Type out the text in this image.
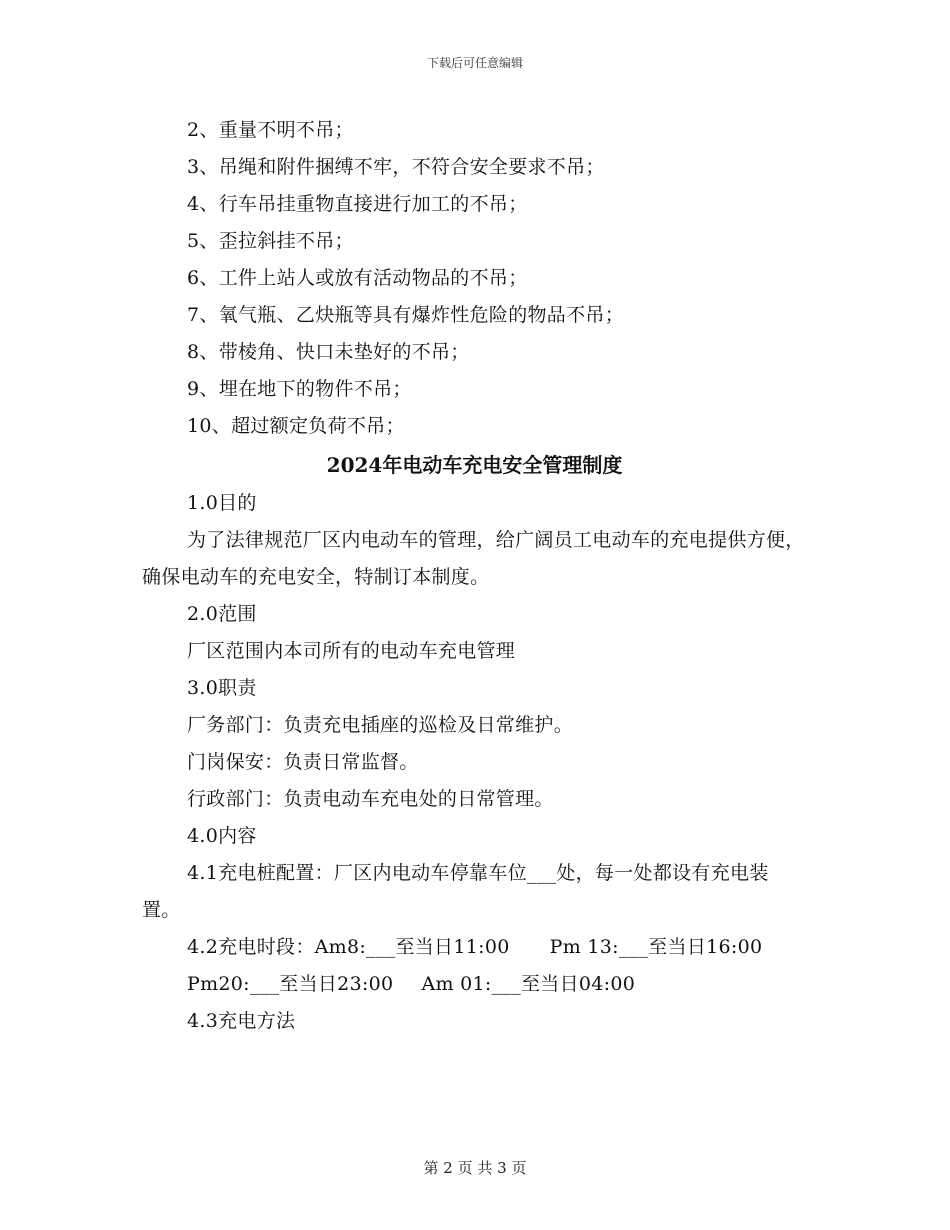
下载后可任意编辑
2、重量不明不吊；
3、吊绳和附件捆缚不牢，不符合安全要求不吊；
4、行车吊挂重物直接进行加工的不吊；
5、歪拉斜挂不吊；
6、工件上站人或放有活动物品的不吊；
7、氧气瓶、乙炔瓶等具有爆炸性危险的物品不吊；
8、带棱角、快口未垫好的不吊；
9、埋在地下的物件不吊；
10、超过额定负荷不吊；
2024年电动车充电安全管理制度
1.0目的
为了法律规范厂区内电动车的管理，给广阔员工电动车的充电提供方便，确保电动车的充电安全，特制订本制度。
2.0范围
厂区范围内本司所有的电动车充电管理
3.0职责
厂务部门：负责充电插座的巡检及日常维护。
门岗保安：负责日常监督。
行政部门：负责电动车充电处的日常管理。
4.0内容
4.1充电桩配置：厂区内电动车停靠车位___处，每一处都设有充电装置。
4.2充电时段：Am8:___至当日11:00 Pm 13:___至当日16:00
Pm20:___至当日23:00 Am 01:___至当日04:00
4.3充电方法
第 2 页 共 3 页
